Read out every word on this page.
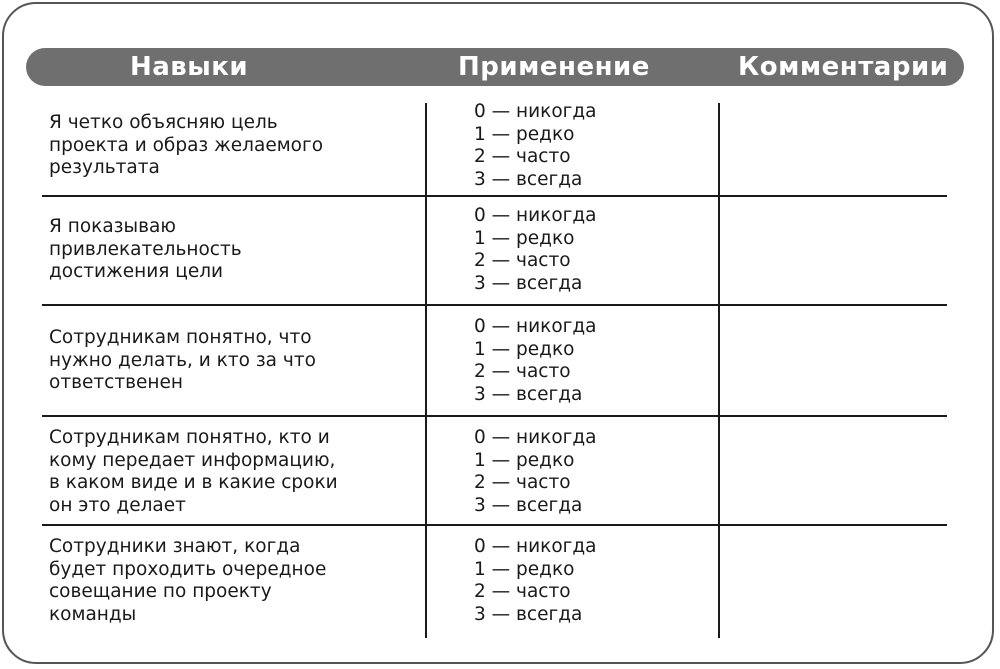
Навыки	Применение	Комментарии
Я четко объясняю цель
проекта и образ желаемого
результата
0 — никогда
1 — редко
2 — часто
3 — всегда
Я показываю
привлекательность
достижения цели
0 — никогда
1 — редко
2 — часто
3 — всегда
Сотрудникам понятно, что
нужно делать, и кто за что
ответственен
0 — никогда
1 — редко
2 — часто
3 — всегда
Сотрудникам понятно, кто и
кому передает информацию,
в каком виде и в какие сроки
он это делает
0 — никогда
1 — редко
2 — часто
3 — всегда
Сотрудники знают, когда
будет проходить очередное
совещание по проекту
команды
0 — никогда
1 — редко
2 — часто
3 — всегда
